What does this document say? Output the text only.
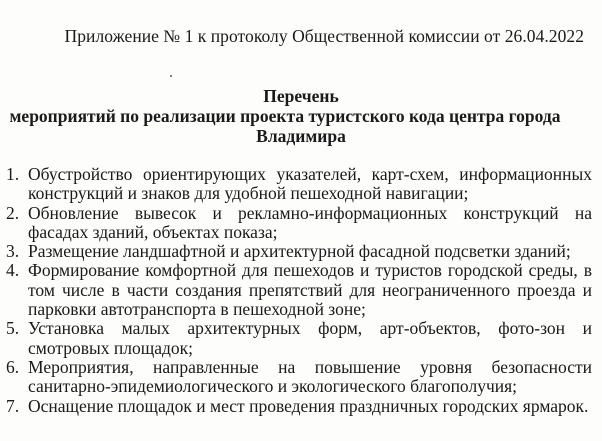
Приложение № 1 к протоколу Общественной комиссии от 26.04.2022
Перечень
мероприятий по реализации проекта туристского кода центра города
Владимира
1. Обустройство ориентирующих указателей, карт-схем, информационных конструкций и знаков для удобной пешеходной навигации;
2. Обновление вывесок и рекламно-информационных конструкций на фасадах зданий, объектах показа;
3. Размещение ландшафтной и архитектурной фасадной подсветки зданий;
4. Формирование комфортной для пешеходов и туристов городской среды, в том числе в части создания препятствий для неограниченного проезда и парковки автотранспорта в пешеходной зоне;
5. Установка малых архитектурных форм, арт-объектов, фото-зон и смотровых площадок;
6. Мероприятия, направленные на повышение уровня безопасности санитарно-эпидемиологического и экологического благополучия;
7. Оснащение площадок и мест проведения праздничных городских ярмарок.
